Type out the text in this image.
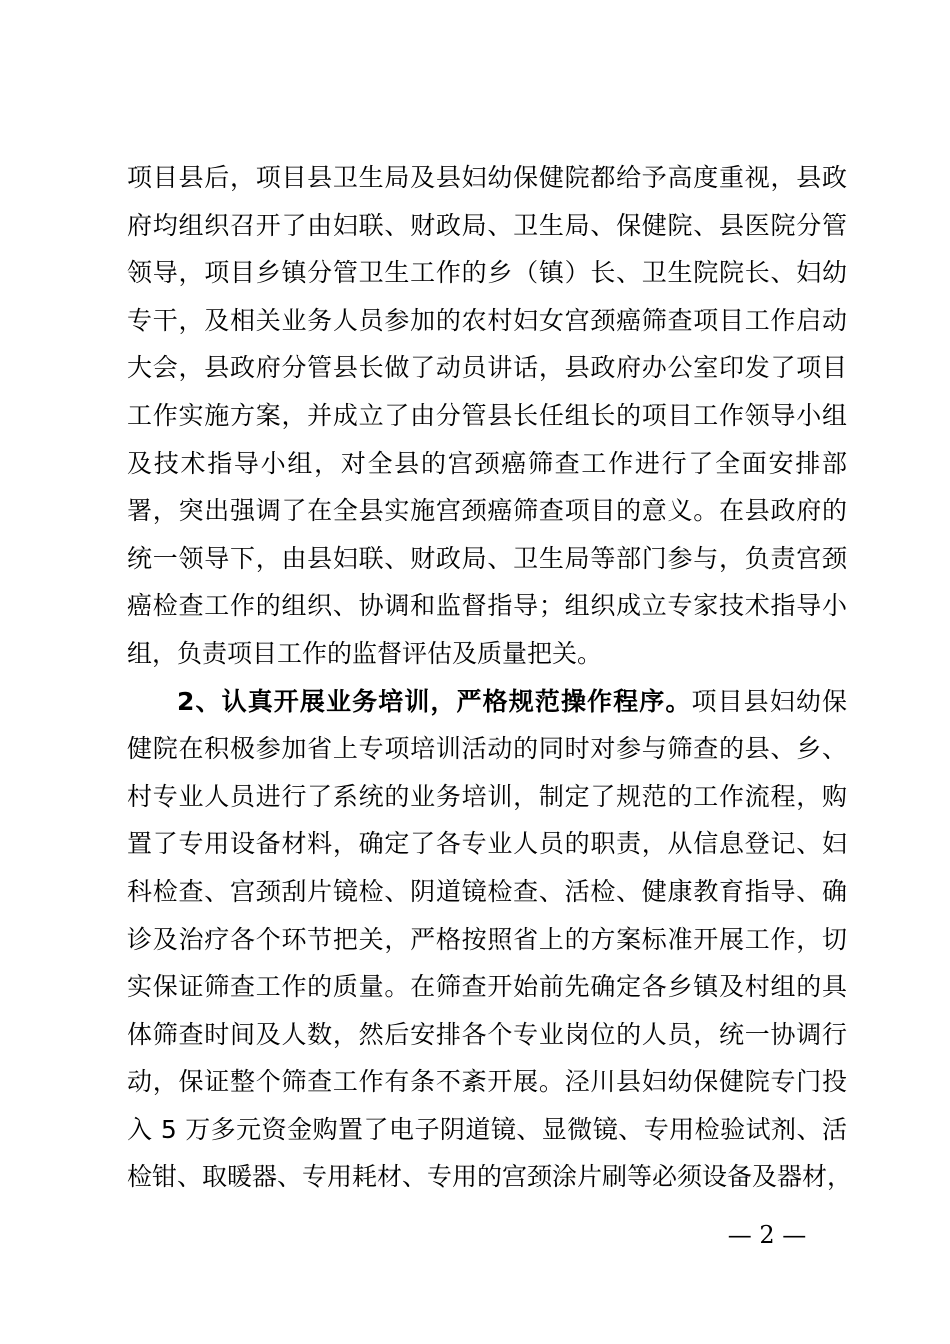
项目县后，项目县卫生局及县妇幼保健院都给予高度重视，县政
府均组织召开了由妇联、财政局、卫生局、保健院、县医院分管
领导，项目乡镇分管卫生工作的乡（镇）长、卫生院院长、妇幼
专干，及相关业务人员参加的农村妇女宫颈癌筛查项目工作启动
大会，县政府分管县长做了动员讲话，县政府办公室印发了项目
工作实施方案，并成立了由分管县长任组长的项目工作领导小组
及技术指导小组，对全县的宫颈癌筛查工作进行了全面安排部
署，突出强调了在全县实施宫颈癌筛查项目的意义。在县政府的
统一领导下，由县妇联、财政局、卫生局等部门参与，负责宫颈
癌检查工作的组织、协调和监督指导；组织成立专家技术指导小
组，负责项目工作的监督评估及质量把关。
2、认真开展业务培训，严格规范操作程序。项目县妇幼保
健院在积极参加省上专项培训活动的同时对参与筛查的县、乡、
村专业人员进行了系统的业务培训，制定了规范的工作流程，购
置了专用设备材料，确定了各专业人员的职责，从信息登记、妇
科检查、宫颈刮片镜检、阴道镜检查、活检、健康教育指导、确
诊及治疗各个环节把关，严格按照省上的方案标准开展工作，切
实保证筛查工作的质量。在筛查开始前先确定各乡镇及村组的具
体筛查时间及人数，然后安排各个专业岗位的人员，统一协调行
动，保证整个筛查工作有条不紊开展。泾川县妇幼保健院专门投
入 5 万多元资金购置了电子阴道镜、显微镜、专用检验试剂、活
检钳、取暖器、专用耗材、专用的宫颈涂片刷等必须设备及器材，
— 2 —
